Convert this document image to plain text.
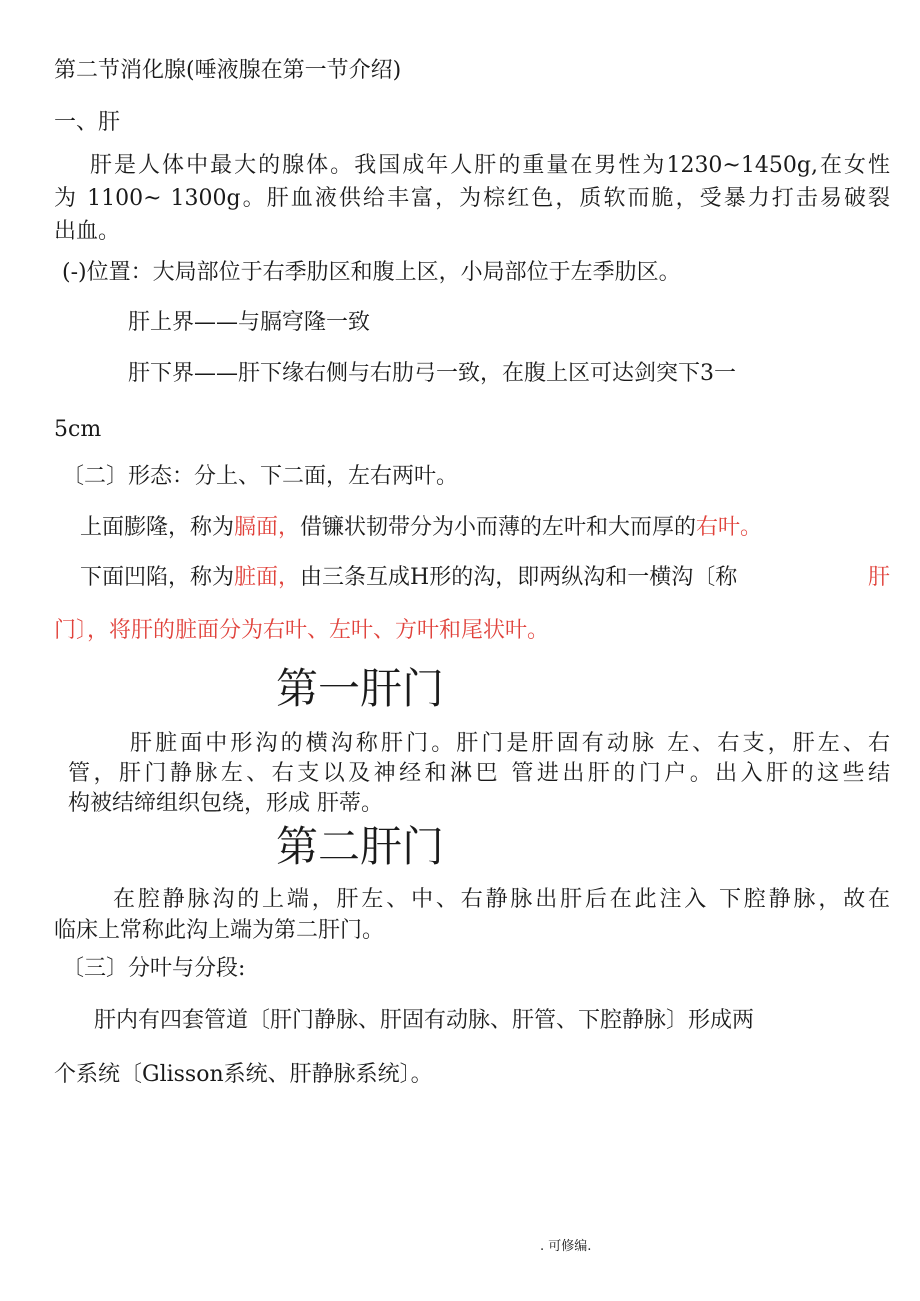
第二节消化腺(唾液腺在第一节介绍)
一、肝
肝是人体中最大的腺体。我国成年人肝的重量在男性为1230~1450g,在女性
为 1100~ 1300g。肝血液供给丰富，为棕红色，质软而脆，受暴力打击易破裂
出血。
(-)位置：大局部位于右季肋区和腹上区，小局部位于左季肋区。
肝上界——与膈穹隆一致
肝下界——肝下缘右侧与右肋弓一致，在腹上区可达剑突下3一
5cm
〔二〕形态：分上、下二面，左右两叶。
上面膨隆，称为膈面，借镰状韧带分为小而薄的左叶和大而厚的右叶。
下面凹陷，称为脏面，由三条互成H形的沟，即两纵沟和一横沟〔称	肝
门〕，将肝的脏面分为右叶、左叶、方叶和尾状叶。
第一肝门
肝脏面中形沟的横沟称肝门。肝门是肝固有动脉 左、右支，肝左、右
管，肝门静脉左、右支以及神经和淋巴 管进出肝的门户。出入肝的这些结
构被结缔组织包绕，形成 肝蒂。
第二肝门
在腔静脉沟的上端，肝左、中、右静脉出肝后在此注入 下腔静脉，故在
临床上常称此沟上端为第二肝门。
〔三〕分叶与分段:
肝内有四套管道〔肝门静脉、肝固有动脉、肝管、下腔静脉〕形成两
个系统〔Glisson系统、肝静脉系统〕。
. 可修编.
